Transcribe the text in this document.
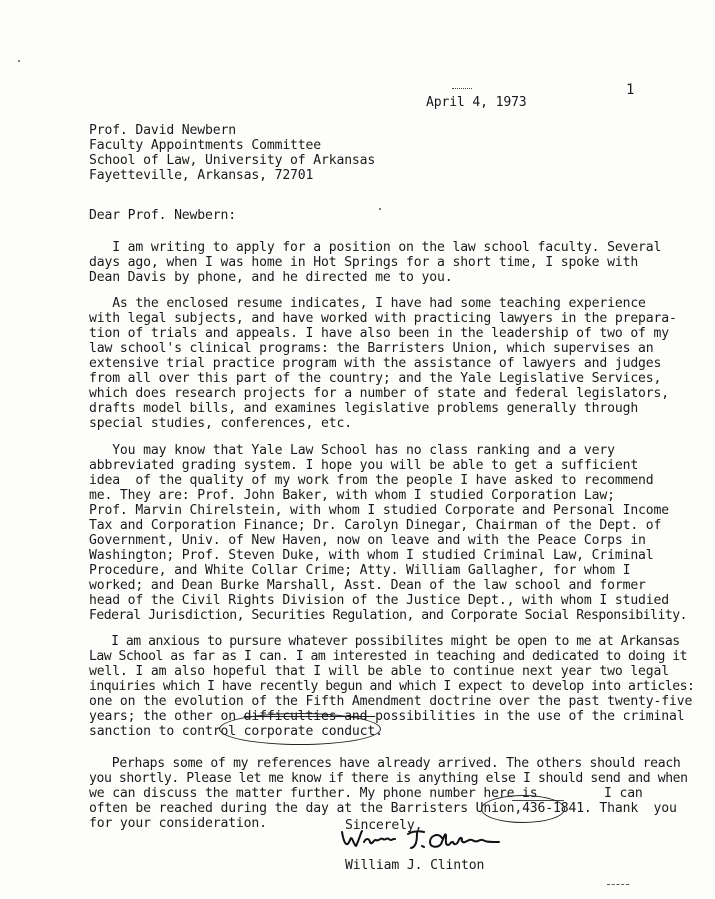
1
April 4, 1973
Prof. David Newbern
Faculty Appointments Committee
School of Law, University of Arkansas
Fayetteville, Arkansas, 72701
Dear Prof. Newbern:
I am writing to apply for a position on the law school faculty. Several
days ago, when I was home in Hot Springs for a short time, I spoke with
Dean Davis by phone, and he directed me to you.
As the enclosed resume indicates, I have had some teaching experience
with legal subjects, and have worked with practicing lawyers in the prepara-
tion of trials and appeals. I have also been in the leadership of two of my
law school's clinical programs: the Barristers Union, which supervises an
extensive trial practice program with the assistance of lawyers and judges
from all over this part of the country; and the Yale Legislative Services,
which does research projects for a number of state and federal legislators,
drafts model bills, and examines legislative problems generally through
special studies, conferences, etc.
You may know that Yale Law School has no class ranking and a very
abbreviated grading system. I hope you will be able to get a sufficient
idea  of the quality of my work from the people I have asked to recommend
me. They are: Prof. John Baker, with whom I studied Corporation Law;
Prof. Marvin Chirelstein, with whom I studied Corporate and Personal Income
Tax and Corporation Finance; Dr. Carolyn Dinegar, Chairman of the Dept. of
Government, Univ. of New Haven, now on leave and with the Peace Corps in
Washington; Prof. Steven Duke, with whom I studied Criminal Law, Criminal
Procedure, and White Collar Crime; Atty. William Gallagher, for whom I
worked; and Dean Burke Marshall, Asst. Dean of the law school and former
head of the Civil Rights Division of the Justice Dept., with whom I studied
Federal Jurisdiction, Securities Regulation, and Corporate Social Responsibility.
I am anxious to pursure whatever possibilites might be open to me at Arkansas
Law School as far as I can. I am interested in teaching and dedicated to doing it
well. I am also hopeful that I will be able to continue next year two legal
inquiries which I have recently begun and which I expect to develop into articles:
one on the evolution of the Fifth Amendment doctrine over the past twenty-five
years; the other on difficulties and possibilities in the use of the criminal
sanction to control corporate conduct.
Perhaps some of my references have already arrived. The others should reach
you shortly. Please let me know if there is anything else I should send and when
we can discuss the matter further. My phone number here is	I can
often be reached during the day at the Barristers Union,436-1841. Thank  you
for your consideration.	Sincerely,
William J. Clinton
